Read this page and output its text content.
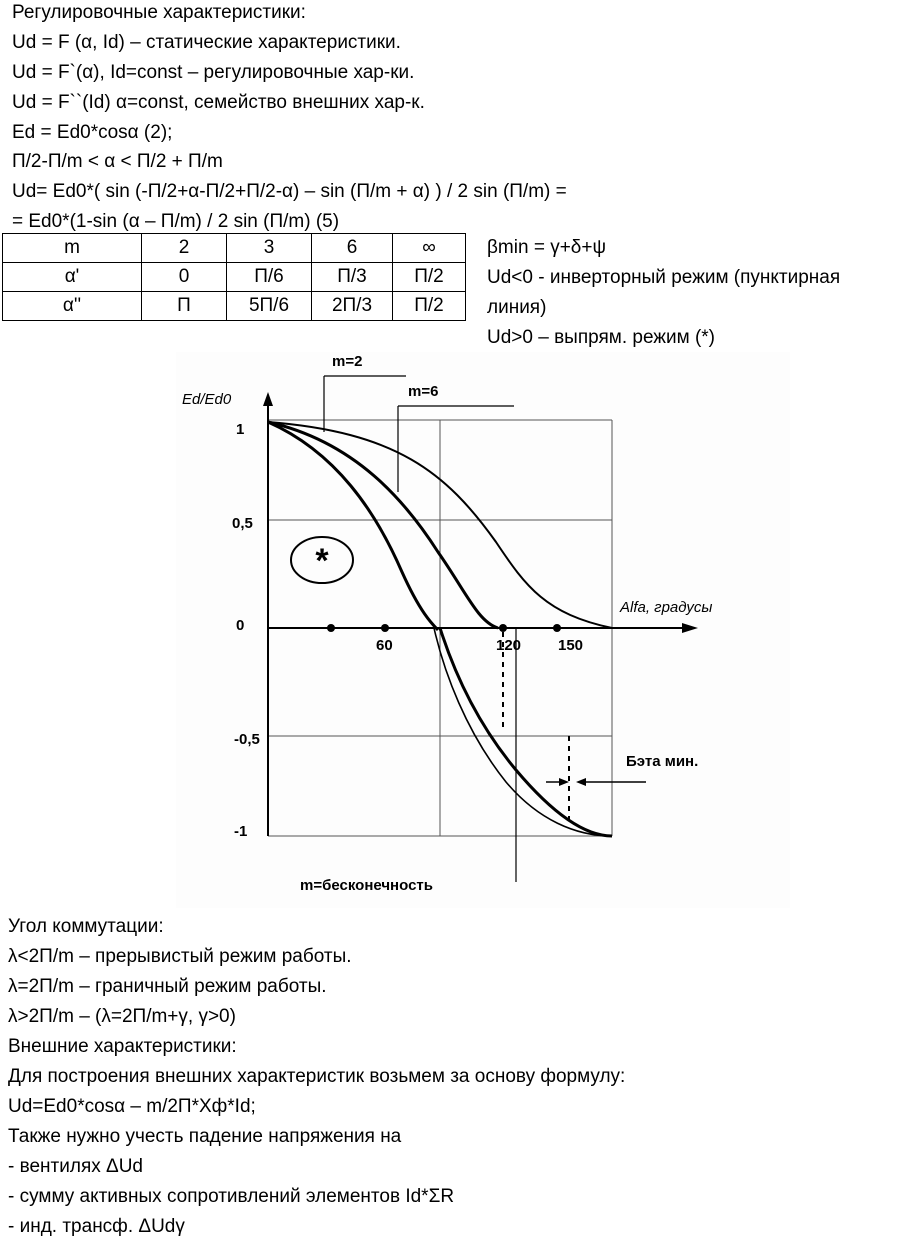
Регулировочные характеристики:
Ud = F (α, Id) – статические характеристики.
Ud = F`(α), Id=const – регулировочные хар-ки.
Ud = F``(Id) α=const, семейство внешних хар-к.
Ed = Ed0*cosα (2);
П/2-П/m < α < П/2 + П/m
Ud= Ed0*( sin (-П/2+α-П/2+П/2-α) – sin (П/m + α) ) / 2 sin (П/m) =
= Ed0*(1-sin (α – П/m) / 2 sin (П/m) (5)
m	2	3	6	∞
α'	0	П/6	П/3	П/2
α''	П	5П/6	2П/3	П/2
βmin = γ+δ+ψ
Ud<0 - инверторный режим (пунктирная
линия)
Ud>0 – выпрям. режим (*)
*
Ed/Ed0
Alfa, градусы
1
0,5
0
-0,5
-1
60	120 150
m=2
m=6
m=бесконечность
Бэта мин.
Угол коммутации:
λ<2П/m – прерывистый режим работы.
λ=2П/m – граничный режим работы.
λ>2П/m – (λ=2П/m+γ, γ>0)
Внешние характеристики:
Для построения внешних характеристик возьмем за основу формулу:
Ud=Ed0*cosα – m/2П*Xф*Id;
Также нужно учесть падение напряжения на
- вентилях ΔUd
- сумму активных сопротивлений элементов Id*ΣR
- инд. трансф. ΔUdγ
